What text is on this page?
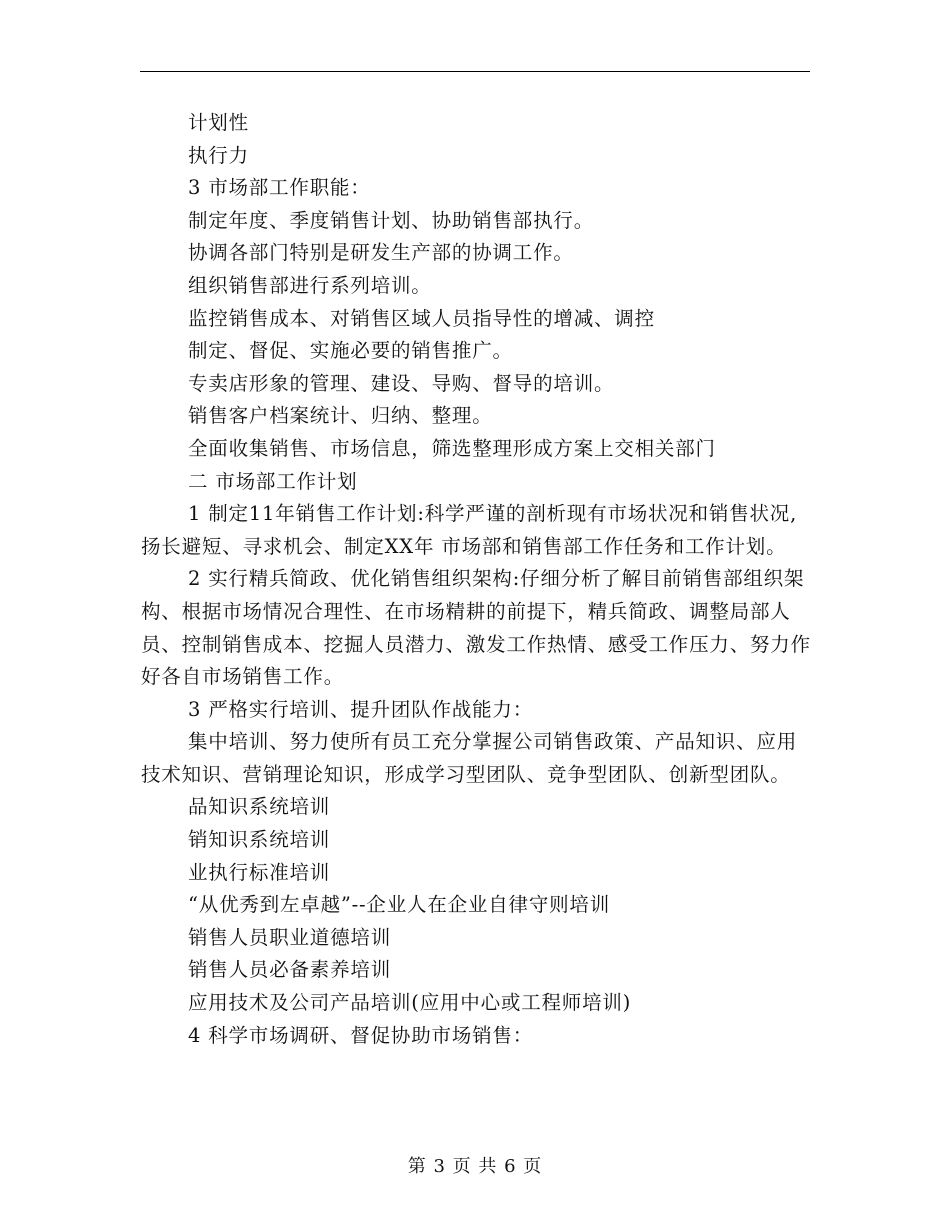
计划性

执行力

3 市场部工作职能：

制定年度、季度销售计划、协助销售部执行。

协调各部门特别是研发生产部的协调工作。

组织销售部进行系列培训。

监控销售成本、对销售区域人员指导性的增减、调控

制定、督促、实施必要的销售推广。

专卖店形象的管理、建设、导购、督导的培训。

销售客户档案统计、归纳、整理。

全面收集销售、市场信息，筛选整理形成方案上交相关部门

二 市场部工作计划

1 制定11年销售工作计划:科学严谨的剖析现有市场状况和销售状况,扬长避短、寻求机会、制定XX年 市场部和销售部工作任务和工作计划。

2 实行精兵简政、优化销售组织架构:仔细分析了解目前销售部组织架构、根据市场情况合理性、在市场精耕的前提下，精兵简政、调整局部人员、控制销售成本、挖掘人员潜力、激发工作热情、感受工作压力、努力作好各自市场销售工作。

3 严格实行培训、提升团队作战能力：

集中培训、努力使所有员工充分掌握公司销售政策、产品知识、应用技术知识、营销理论知识，形成学习型团队、竞争型团队、创新型团队。

品知识系统培训

销知识系统培训

业执行标准培训

“从优秀到左卓越”--企业人在企业自律守则培训

销售人员职业道德培训

销售人员必备素养培训

应用技术及公司产品培训(应用中心或工程师培训)

4 科学市场调研、督促协助市场销售：

第 3 页 共 6 页
